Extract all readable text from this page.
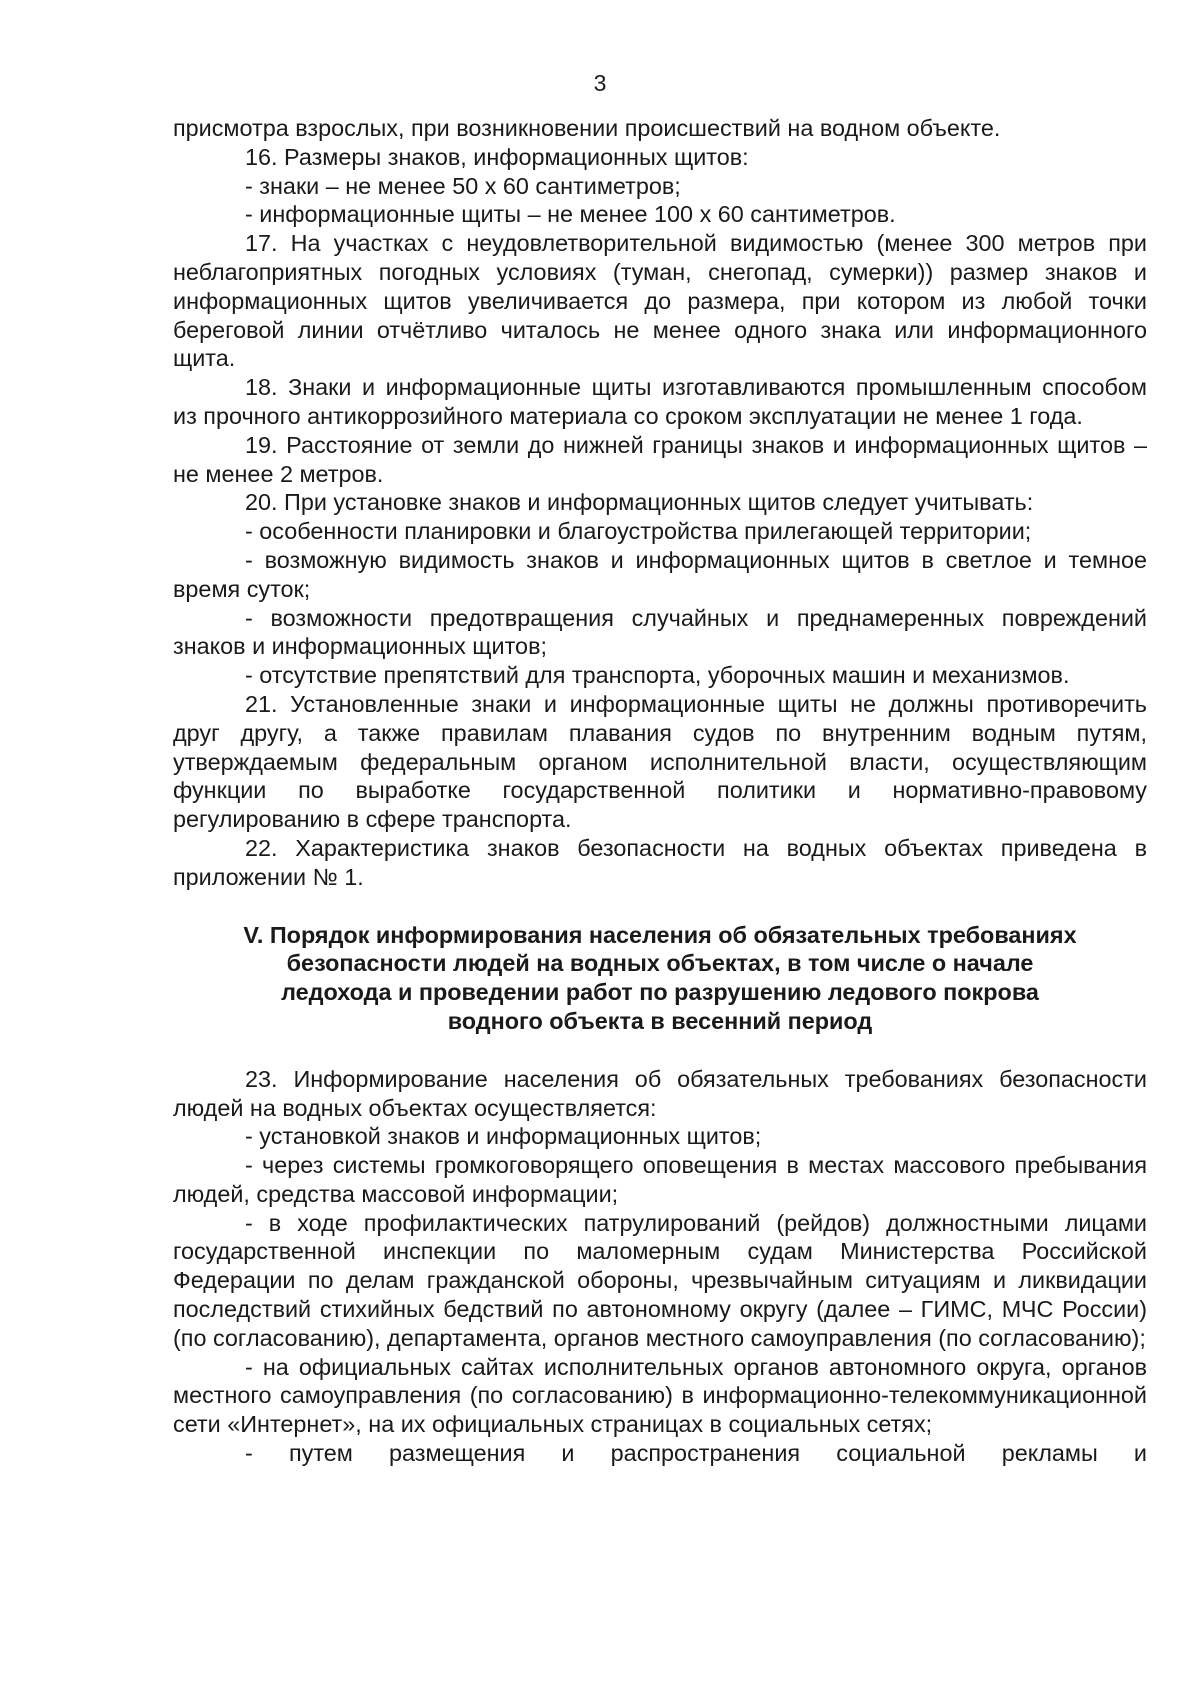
3

присмотра взрослых, при возникновении происшествий на водном объекте.

16. Размеры знаков, информационных щитов:

- знаки – не менее 50 х 60 сантиметров;

- информационные щиты – не менее 100 х 60 сантиметров.

17. На участках с неудовлетворительной видимостью (менее 300 метров при неблагоприятных погодных условиях (туман, снегопад, сумерки)) размер знаков и информационных щитов увеличивается до размера, при котором из любой точки береговой линии отчётливо читалось не менее одного знака или информационного щита.

18. Знаки и информационные щиты изготавливаются промышленным способом из прочного антикоррозийного материала со сроком эксплуатации не менее 1 года.

19. Расстояние от земли до нижней границы знаков и информационных щитов – не менее 2 метров.

20. При установке знаков и информационных щитов следует учитывать:

- особенности планировки и благоустройства прилегающей территории;

- возможную видимость знаков и информационных щитов в светлое и темное время суток;

- возможности предотвращения случайных и преднамеренных повреждений знаков и информационных щитов;

- отсутствие препятствий для транспорта, уборочных машин и механизмов.

21. Установленные знаки и информационные щиты не должны противоречить друг другу, а также правилам плавания судов по внутренним водным путям, утверждаемым федеральным органом исполнительной власти, осуществляющим функции по выработке государственной политики и нормативно-правовому регулированию в сфере транспорта.

22. Характеристика знаков безопасности на водных объектах приведена в приложении № 1.

V. Порядок информирования населения об обязательных требованиях
безопасности людей на водных объектах, в том числе о начале
ледохода и проведении работ по разрушению ледового покрова
водного объекта в весенний период

23. Информирование населения об обязательных требованиях безопасности людей на водных объектах осуществляется:

- установкой знаков и информационных щитов;

- через системы громкоговорящего оповещения в местах массового пребывания людей, средства массовой информации;

- в ходе профилактических патрулирований (рейдов) должностными лицами государственной инспекции по маломерным судам Министерства Российской Федерации по делам гражданской обороны, чрезвычайным ситуациям и ликвидации последствий стихийных бедствий по автономному округу (далее – ГИМС, МЧС России) (по согласованию), департамента, органов местного самоуправления (по согласованию);

- на официальных сайтах исполнительных органов автономного округа, органов местного самоуправления (по согласованию) в информационно-телекоммуникационной сети «Интернет», на их официальных страницах в социальных сетях;

- путем размещения и распространения социальной рекламы и
